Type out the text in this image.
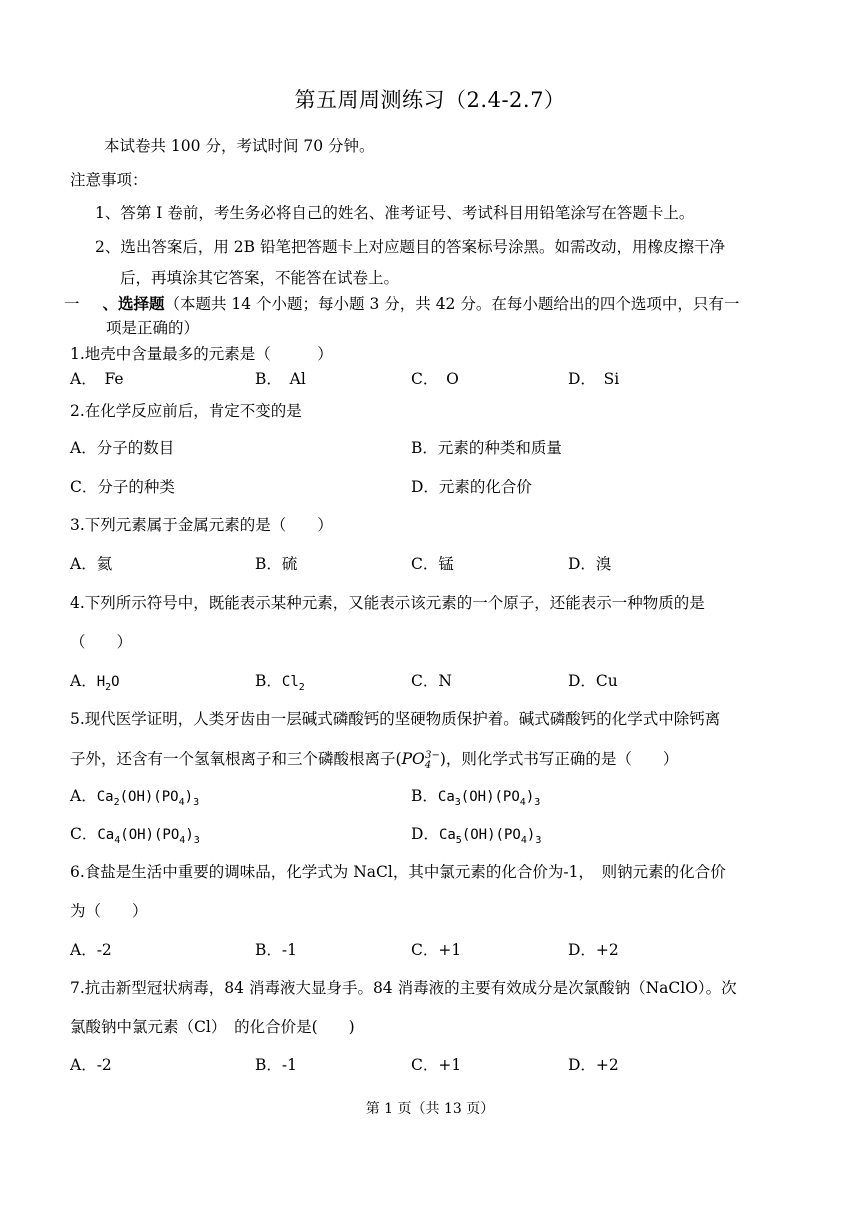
第五周周测练习（2.4-2.7）
本试卷共 100 分，考试时间 70 分钟。
注意事项：
1、答第 I 卷前，考生务必将自己的姓名、准考证号、考试科目用铅笔涂写在答题卡上。
2、选出答案后，用 2B 铅笔把答题卡上对应题目的答案标号涂黑。如需改动，用橡皮擦干净
后，再填涂其它答案，不能答在试卷上。
一 、选择题（本题共 14 个小题；每小题 3 分，共 42 分。在每小题给出的四个选项中，只有一
项是正确的）
1.地壳中含量最多的元素是（　　　）
A．　Fe	B．　Al	C．　O	D．　Si
2.在化学反应前后，肯定不变的是
A．分子的数目	B．元素的种类和质量
C．分子的种类	D．元素的化合价
3.下列元素属于金属元素的是（　　）
A．氦	B．硫	C．锰	D．溴
4.下列所示符号中，既能表示某种元素，又能表示该元素的一个原子，还能表示一种物质的是
（　　）
A．$H_2O$	B．$Cl_2$	C．N	D．Cu
5.现代医学证明，人类牙齿由一层碱式磷酸钙的坚硬物质保护着。碱式磷酸钙的化学式中除钙离
子外，还含有一个氢氧根离子和三个磷酸根离子$(PO_4^{3-})$，则化学式书写正确的是（　　）
A．$Ca_2(OH)(PO_4)_3$	B．$Ca_3(OH)(PO_4)_3$
C．$Ca_4(OH)(PO_4)_3$	D．$Ca_5(OH)(PO_4)_3$
6.食盐是生活中重要的调味品，化学式为 NaCl，其中氯元素的化合价为-1，　则钠元素的化合价
为（　　）
A．-2	B．-1	C．+1	D．+2
7.抗击新型冠状病毒，84 消毒液大显身手。84 消毒液的主要有效成分是次氯酸钠（NaClO）。次
氯酸钠中氯元素（Cl）　的化合价是(　　)
A．-2	B．-1	C．+1	D．+2
第 1 页（共 13 页）
